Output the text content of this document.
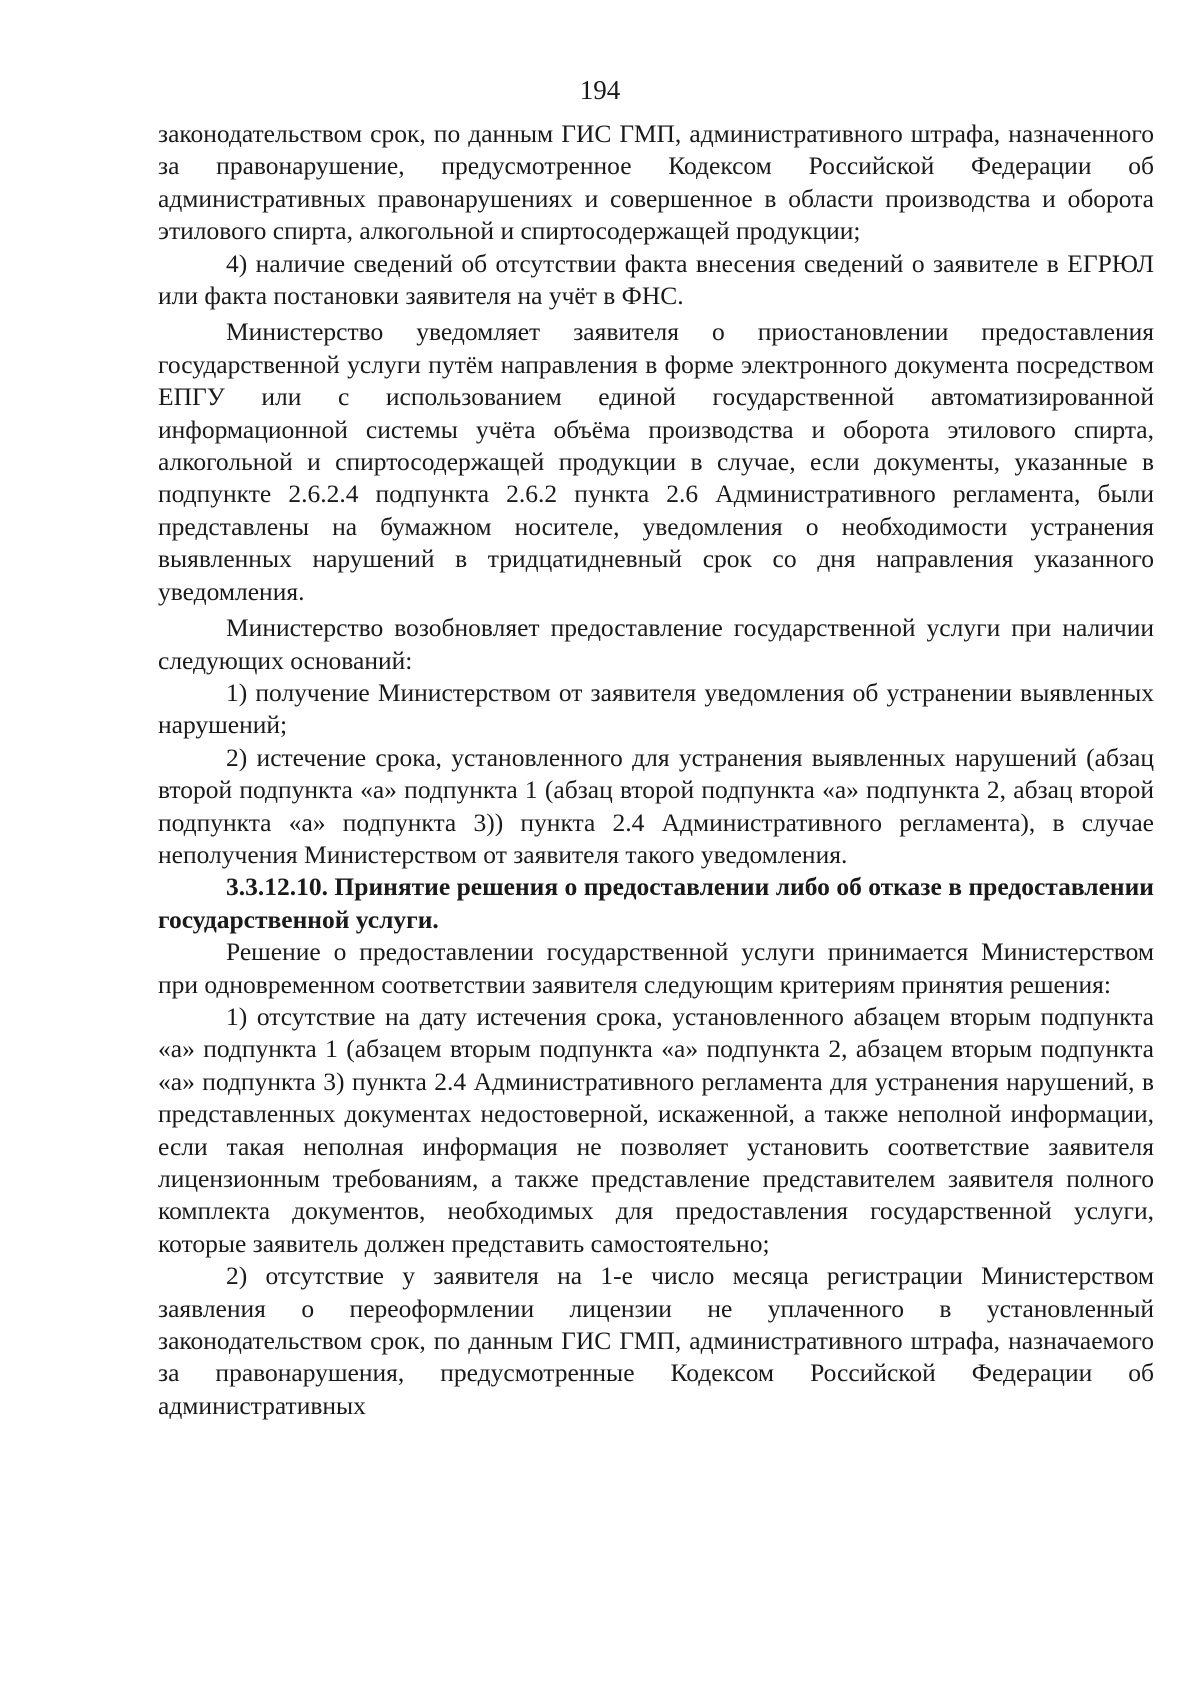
194

законодательством срок, по данным ГИС ГМП, административного штрафа, назначенного за правонарушение, предусмотренное Кодексом Российской Федерации об административных правонарушениях и совершенное в области производства и оборота этилового спирта, алкогольной и спиртосодержащей продукции;

4) наличие сведений об отсутствии факта внесения сведений о заявителе в ЕГРЮЛ или факта постановки заявителя на учёт в ФНС.

Министерство уведомляет заявителя о приостановлении предоставления государственной услуги путём направления в форме электронного документа посредством ЕПГУ или с использованием единой государственной автоматизированной информационной системы учёта объёма производства и оборота этилового спирта, алкогольной и спиртосодержащей продукции в случае, если документы, указанные в подпункте 2.6.2.4 подпункта 2.6.2 пункта 2.6 Административного регламента, были представлены на бумажном носителе, уведомления о необходимости устранения выявленных нарушений в тридцатидневный срок со дня направления указанного уведомления.

Министерство возобновляет предоставление государственной услуги при наличии следующих оснований:

1) получение Министерством от заявителя уведомления об устранении выявленных нарушений;

2) истечение срока, установленного для устранения выявленных нарушений (абзац второй подпункта «а» подпункта 1 (абзац второй подпункта «а» подпункта 2, абзац второй подпункта «а» подпункта 3)) пункта 2.4 Административного регламента), в случае неполучения Министерством от заявителя такого уведомления.

3.3.12.10. Принятие решения о предоставлении либо об отказе в предоставлении государственной услуги.

Решение о предоставлении государственной услуги принимается Министерством при одновременном соответствии заявителя следующим критериям принятия решения:

1) отсутствие на дату истечения срока, установленного абзацем вторым подпункта «а» подпункта 1 (абзацем вторым подпункта «а» подпункта 2, абзацем вторым подпункта «а» подпункта 3) пункта 2.4 Административного регламента для устранения нарушений, в представленных документах недостоверной, искаженной, а также неполной информации, если такая неполная информация не позволяет установить соответствие заявителя лицензионным требованиям, а также представление представителем заявителя полного комплекта документов, необходимых для предоставления государственной услуги, которые заявитель должен представить самостоятельно;

2) отсутствие у заявителя на 1-е число месяца регистрации Министерством заявления о переоформлении лицензии не уплаченного в установленный законодательством срок, по данным ГИС ГМП, административного штрафа, назначаемого за правонарушения, предусмотренные Кодексом Российской Федерации об административных
